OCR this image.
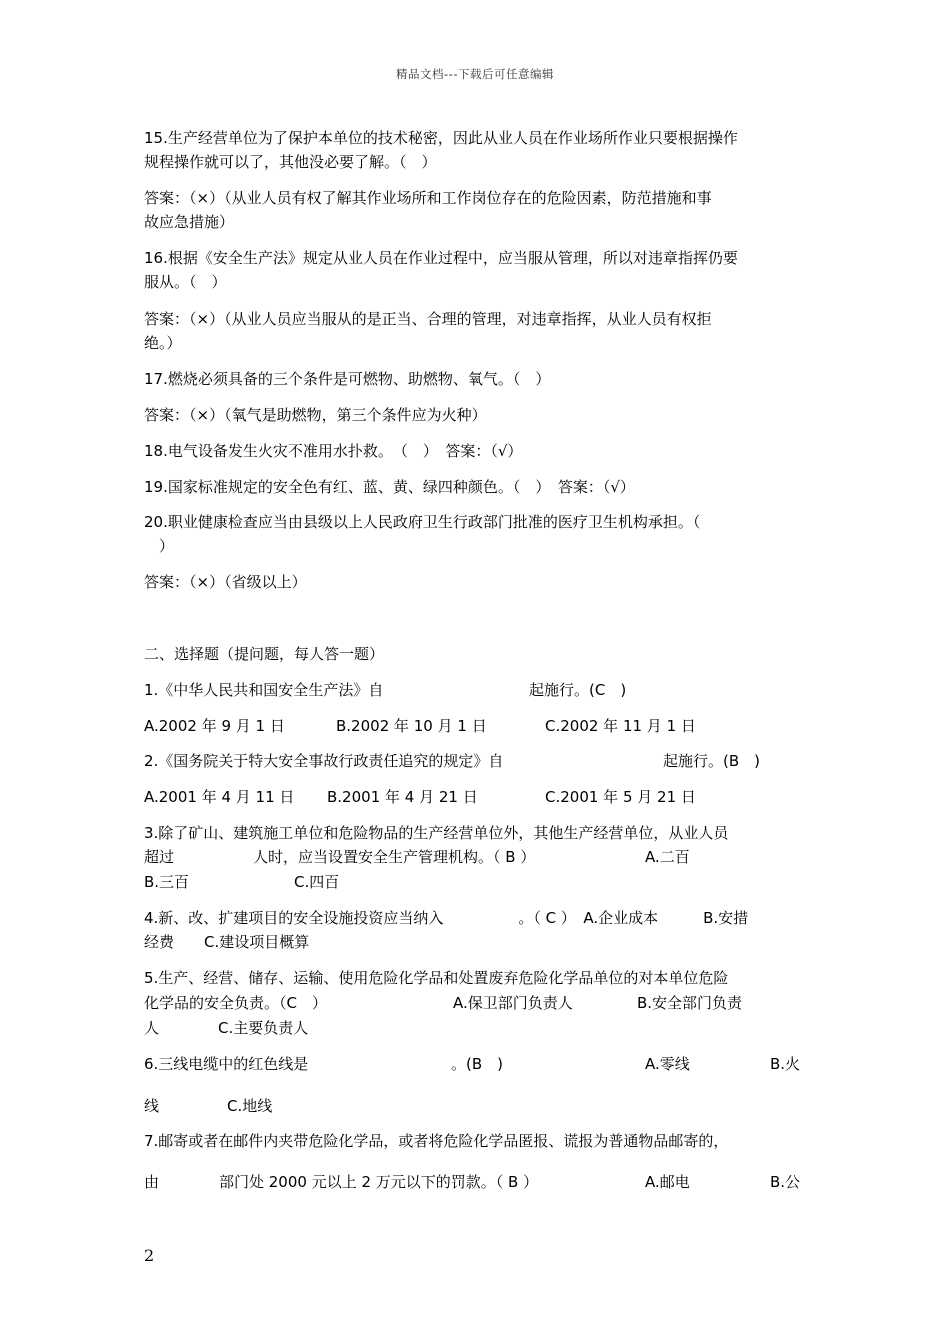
精品文档---下载后可任意编辑
15.生产经营单位为了保护本单位的技术秘密，因此从业人员在作业场所作业只要根据操作
规程操作就可以了，其他没必要了解。（　）
答案：（×）（从业人员有权了解其作业场所和工作岗位存在的危险因素，防范措施和事
故应急措施）
16.根据《安全生产法》规定从业人员在作业过程中，应当服从管理，所以对违章指挥仍要
服从。（　）
答案：（×）（从业人员应当服从的是正当、合理的管理，对违章指挥，从业人员有权拒
绝。）
17.燃烧必须具备的三个条件是可燃物、助燃物、氧气。（　）
答案：（×）（氧气是助燃物，第三个条件应为火种）
18.电气设备发生火灾不准用水扑救。　（　）　答案：（√）
19.国家标准规定的安全色有红、蓝、黄、绿四种颜色。（　）　答案：（√）
20.职业健康检查应当由县级以上人民政府卫生行政部门批准的医疗卫生机构承担。（
　）
答案：（×）（省级以上）
二、选择题（提问题，每人答一题）
1.《中华人民共和国安全生产法》自	起施行。(C　)
A.2002 年 9 月 1 日	B.2002 年 10 月 1 日	C.2002 年 11 月 1 日
2.《国务院关于特大安全事故行政责任追究的规定》自	起施行。(B　)
A.2001 年 4 月 11 日 B.2001 年 4 月 21 日	C.2001 年 5 月 21 日
3.除了矿山、建筑施工单位和危险物品的生产经营单位外，其他生产经营单位，从业人员
超过	人时，应当设置安全生产管理机构。（ B ）	A.二百
B.三百	C.四百
4.新、改、扩建项目的安全设施投资应当纳入　　　　　。（ C ）　A.企业成本　　　B.安措
经费　　C.建设项目概算
5.生产、经营、储存、运输、使用危险化学品和处置废弃危险化学品单位的对本单位危险
化学品的安全负责。（C　）	A.保卫部门负责人	B.安全部门负责
人	C.主要负责人
6.三线电缆中的红色线是	。(B　)	A.零线	B.火
线	C.地线
7.邮寄或者在邮件内夹带危险化学品，或者将危险化学品匿报、谎报为普通物品邮寄的，
由	部门处 2000 元以上 2 万元以下的罚款。（ B ）	A.邮电	B.公
2
